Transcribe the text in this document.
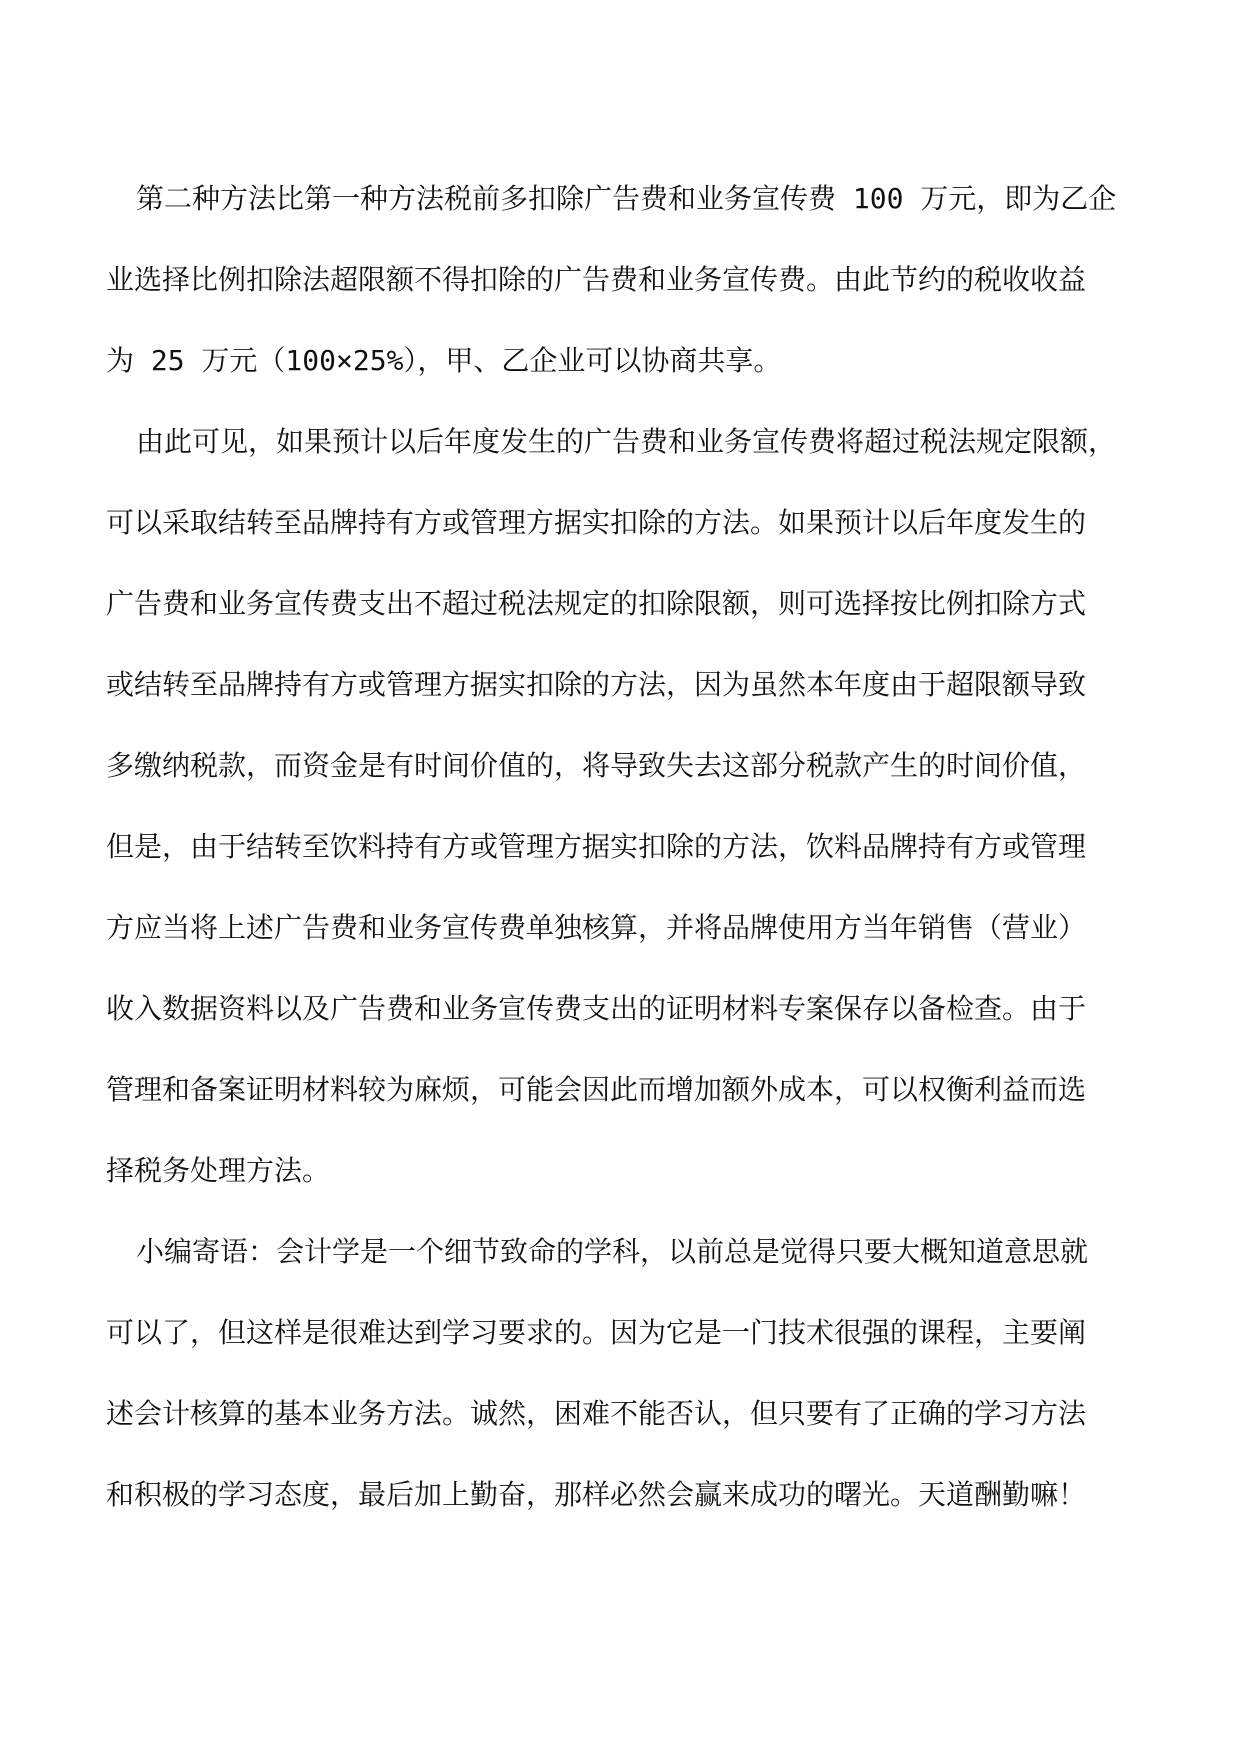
第二种方法比第一种方法税前多扣除广告费和业务宣传费 100 万元，即为乙企
业选择比例扣除法超限额不得扣除的广告费和业务宣传费。由此节约的税收收益
为 25 万元（100×25%），甲、乙企业可以协商共享。
由此可见，如果预计以后年度发生的广告费和业务宣传费将超过税法规定限额，
可以采取结转至品牌持有方或管理方据实扣除的方法。如果预计以后年度发生的
广告费和业务宣传费支出不超过税法规定的扣除限额，则可选择按比例扣除方式
或结转至品牌持有方或管理方据实扣除的方法，因为虽然本年度由于超限额导致
多缴纳税款，而资金是有时间价值的，将导致失去这部分税款产生的时间价值，
但是，由于结转至饮料持有方或管理方据实扣除的方法，饮料品牌持有方或管理
方应当将上述广告费和业务宣传费单独核算，并将品牌使用方当年销售（营业）
收入数据资料以及广告费和业务宣传费支出的证明材料专案保存以备检查。由于
管理和备案证明材料较为麻烦，可能会因此而增加额外成本，可以权衡利益而选
择税务处理方法。
小编寄语：会计学是一个细节致命的学科，以前总是觉得只要大概知道意思就
可以了，但这样是很难达到学习要求的。因为它是一门技术很强的课程，主要阐
述会计核算的基本业务方法。诚然，困难不能否认，但只要有了正确的学习方法
和积极的学习态度，最后加上勤奋，那样必然会赢来成功的曙光。天道酬勤嘛！
